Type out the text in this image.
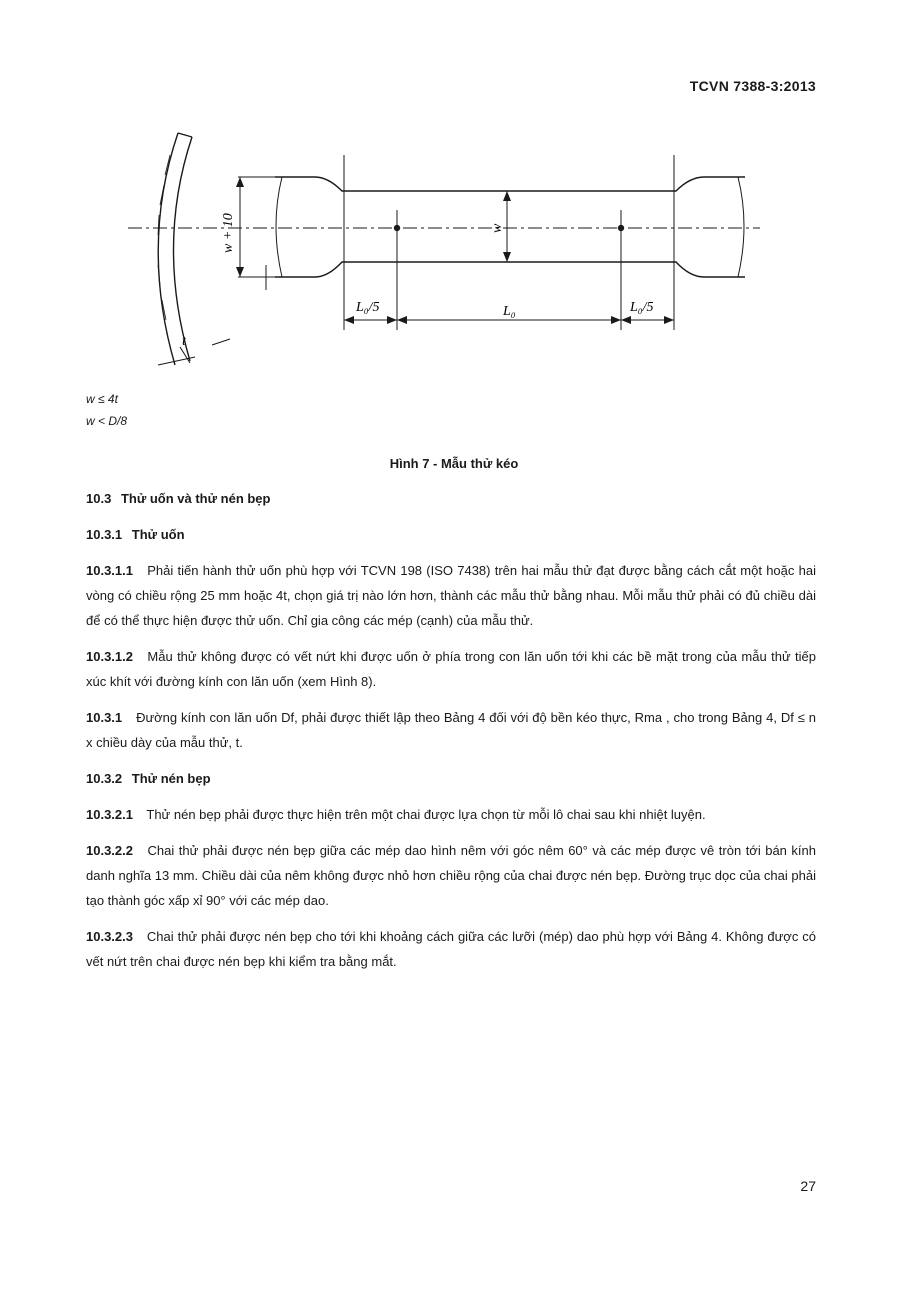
TCVN 7388-3:2013
w + 10	w
t
L₀/5	L₀	L₀/5
w ≤ 4t
w < D/8
Hình 7 - Mẫu thử kéo
10.3 Thử uốn và thử nén bẹp
10.3.1 Thử uốn
10.3.1.1 Phải tiến hành thử uốn phù hợp với TCVN 198 (ISO 7438) trên hai mẫu thử đạt được bằng cách cắt một hoặc hai vòng có chiều rộng 25 mm hoặc 4t, chọn giá trị nào lớn hơn, thành các mẫu thử bằng nhau. Mỗi mẫu thử phải có đủ chiều dài để có thể thực hiện được thử uốn. Chỉ gia công các mép (cạnh) của mẫu thử.
10.3.1.2 Mẫu thử không được có vết nứt khi được uốn ở phía trong con lăn uốn tới khi các bề mặt trong của mẫu thử tiếp xúc khít với đường kính con lăn uốn (xem Hình 8).
10.3.1 Đường kính con lăn uốn Df, phải được thiết lập theo Bảng 4 đối với độ bền kéo thực, Rma , cho trong Bảng 4, Df ≤ n x chiều dày của mẫu thử, t.
10.3.2 Thử nén bẹp
10.3.2.1 Thử nén bẹp phải được thực hiện trên một chai được lựa chọn từ mỗi lô chai sau khi nhiệt luyện.
10.3.2.2 Chai thử phải được nén bẹp giữa các mép dao hình nêm với góc nêm 60° và các mép được vê tròn tới bán kính danh nghĩa 13 mm. Chiều dài của nêm không được nhỏ hơn chiều rộng của chai được nén bẹp. Đường trục dọc của chai phải tạo thành góc xấp xỉ 90° với các mép dao.
10.3.2.3 Chai thử phải được nén bẹp cho tới khi khoảng cách giữa các lưỡi (mép) dao phù hợp với Bảng 4. Không được có vết nứt trên chai được nén bẹp khi kiểm tra bằng mắt.
27
